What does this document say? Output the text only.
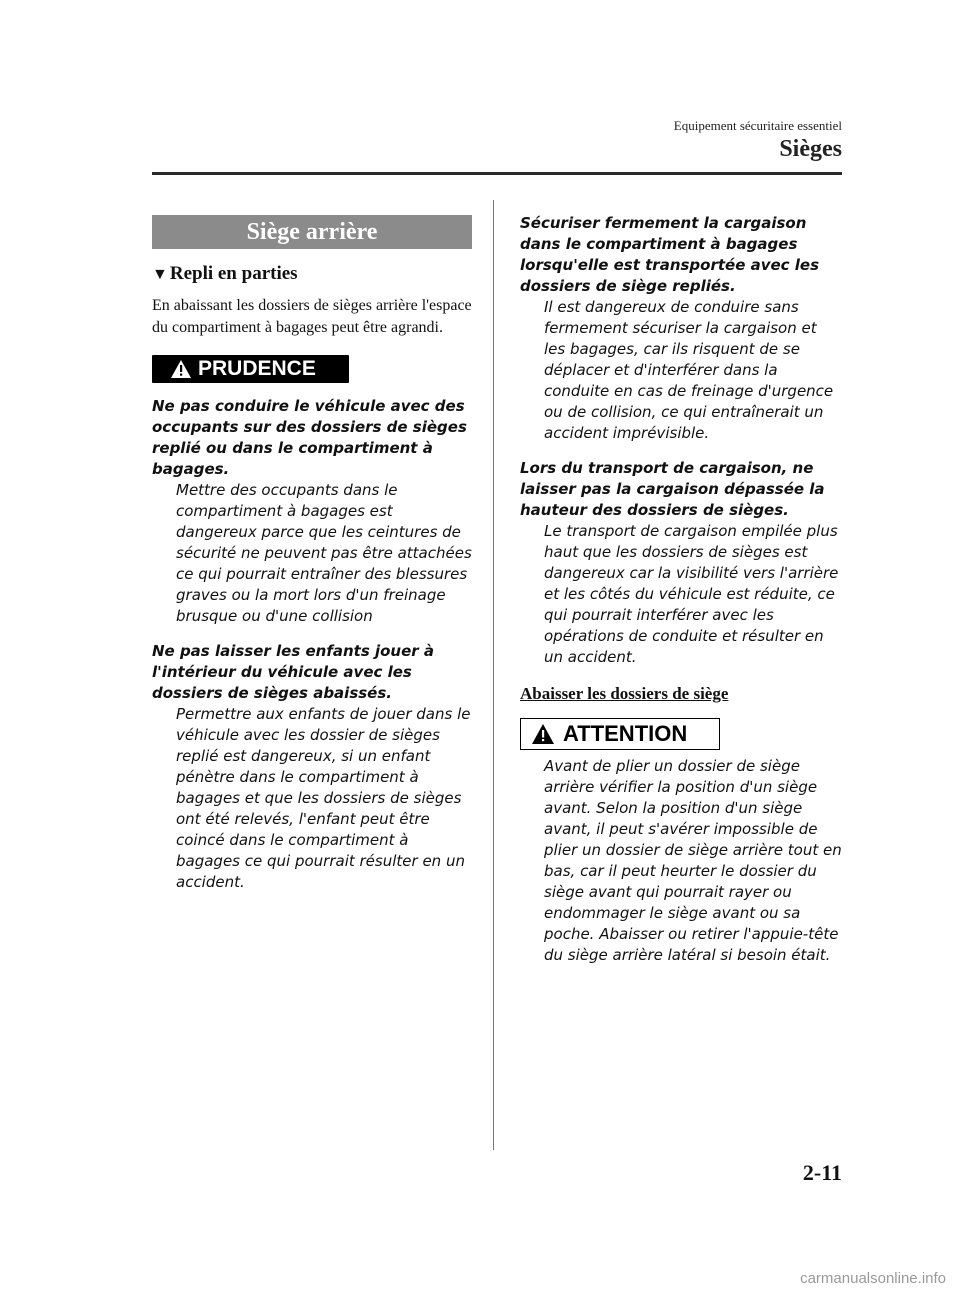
Equipement sécuritaire essentiel
Sièges
Siège arrière
▼ Repli en parties
En abaissant les dossiers de sièges arrière l'espace du compartiment à bagages peut être agrandi.
PRUDENCE
Ne pas conduire le véhicule avec des occupants sur des dossiers de sièges replié ou dans le compartiment à bagages.
Mettre des occupants dans le compartiment à bagages est dangereux parce que les ceintures de sécurité ne peuvent pas être attachées ce qui pourrait entraîner des blessures graves ou la mort lors d'un freinage brusque ou d'une collision
Ne pas laisser les enfants jouer à l'intérieur du véhicule avec les dossiers de sièges abaissés.
Permettre aux enfants de jouer dans le véhicule avec les dossier de sièges replié est dangereux, si un enfant pénètre dans le compartiment à bagages et que les dossiers de sièges ont été relevés, l'enfant peut être coincé dans le compartiment à bagages ce qui pourrait résulter en un accident.
Sécuriser fermement la cargaison dans le compartiment à bagages lorsqu'elle est transportée avec les dossiers de siège repliés.
Il est dangereux de conduire sans fermement sécuriser la cargaison et les bagages, car ils risquent de se déplacer et d'interférer dans la conduite en cas de freinage d'urgence ou de collision, ce qui entraînerait un accident imprévisible.
Lors du transport de cargaison, ne laisser pas la cargaison dépassée la hauteur des dossiers de sièges.
Le transport de cargaison empilée plus haut que les dossiers de sièges est dangereux car la visibilité vers l'arrière et les côtés du véhicule est réduite, ce qui pourrait interférer avec les opérations de conduite et résulter en un accident.
Abaisser les dossiers de siège
ATTENTION
Avant de plier un dossier de siège arrière vérifier la position d'un siège avant. Selon la position d'un siège avant, il peut s'avérer impossible de plier un dossier de siège arrière tout en bas, car il peut heurter le dossier du siège avant qui pourrait rayer ou endommager le siège avant ou sa poche. Abaisser ou retirer l'appuie-tête du siège arrière latéral si besoin était.
2-11
carmanualsonline.info
